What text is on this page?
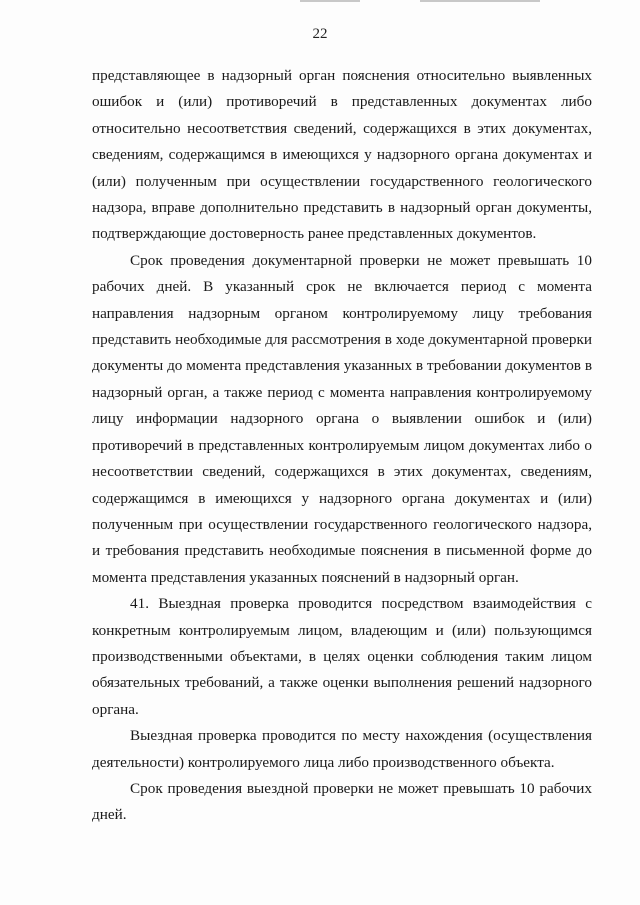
22

представляющее в надзорный орган пояснения относительно выявленных ошибок и (или) противоречий в представленных документах либо относительно несоответствия сведений, содержащихся в этих документах, сведениям, содержащимся в имеющихся у надзорного органа документах и (или) полученным при осуществлении государственного геологического надзора, вправе дополнительно представить в надзорный орган документы, подтверждающие достоверность ранее представленных документов.

Срок проведения документарной проверки не может превышать 10 рабочих дней. В указанный срок не включается период с момента направления надзорным органом контролируемому лицу требования представить необходимые для рассмотрения в ходе документарной проверки документы до момента представления указанных в требовании документов в надзорный орган, а также период с момента направления контролируемому лицу информации надзорного органа о выявлении ошибок и (или) противоречий в представленных контролируемым лицом документах либо о несоответствии сведений, содержащихся в этих документах, сведениям, содержащимся в имеющихся у надзорного органа документах и (или) полученным при осуществлении государственного геологического надзора, и требования представить необходимые пояснения в письменной форме до момента представления указанных пояснений в надзорный орган.

41. Выездная проверка проводится посредством взаимодействия с конкретным контролируемым лицом, владеющим и (или) пользующимся производственными объектами, в целях оценки соблюдения таким лицом обязательных требований, а также оценки выполнения решений надзорного органа.

Выездная проверка проводится по месту нахождения (осуществления деятельности) контролируемого лица либо производственного объекта.

Срок проведения выездной проверки не может превышать 10 рабочих дней.
